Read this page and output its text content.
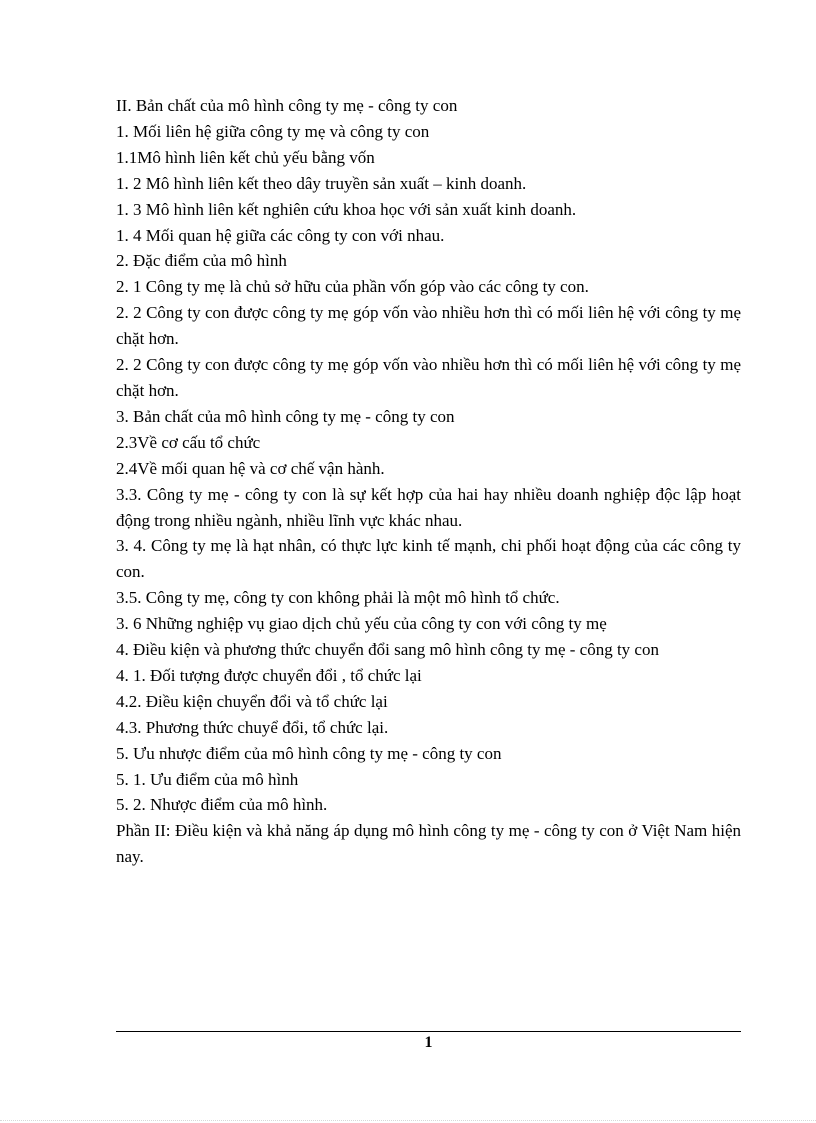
II. Bản chất của mô hình công ty mẹ - công ty con
1. Mối liên hệ giữa công ty mẹ và công ty con
1.1Mô hình liên kết chủ yếu bằng vốn
1. 2 Mô hình liên kết theo dây truyền sản xuất – kinh doanh.
1. 3 Mô hình liên kết nghiên cứu khoa học với sản xuất kinh doanh.
1. 4 Mối quan hệ giữa các công ty con với nhau.
2. Đặc điểm của mô hình
2. 1 Công ty mẹ là chủ sở hữu của phần vốn góp vào các công ty con.
2. 2 Công ty con được công ty mẹ góp vốn vào nhiều hơn thì có mối liên hệ với công ty mẹ chặt hơn.
2. 2 Công ty con được công ty mẹ góp vốn vào nhiều hơn thì có mối liên hệ với công ty mẹ chặt hơn.
3. Bản chất của mô hình công ty mẹ - công ty con
2.3Về cơ cấu tổ chức
2.4Về mối quan hệ và cơ chế vận hành.
3.3. Công ty mẹ - công ty con là sự kết hợp của hai hay nhiều doanh nghiệp độc lập hoạt động trong nhiều ngành, nhiều lĩnh vực khác nhau.
3. 4. Công ty mẹ là hạt nhân, có thực lực kinh tế mạnh, chi phối hoạt động của các công ty con.
3.5. Công ty mẹ, công ty con không phải là một mô hình tổ chức.
3. 6 Những nghiệp vụ giao dịch chủ yếu của công ty con với công ty mẹ
4. Điều kiện và phương thức chuyển đổi sang mô hình công ty mẹ - công ty con
4. 1. Đối tượng được chuyển đổi , tổ chức lại
4.2. Điều kiện chuyển đổi và tổ chức lại
4.3. Phương thức chuyể đổi, tổ chức lại.
5. Ưu nhược điểm của mô hình công ty mẹ - công ty con
5. 1. Ưu điểm của mô hình
5. 2. Nhược điểm của mô hình.
Phần II: Điều kiện và khả năng áp dụng mô hình công ty mẹ - công ty con ở Việt Nam hiện nay.
1
